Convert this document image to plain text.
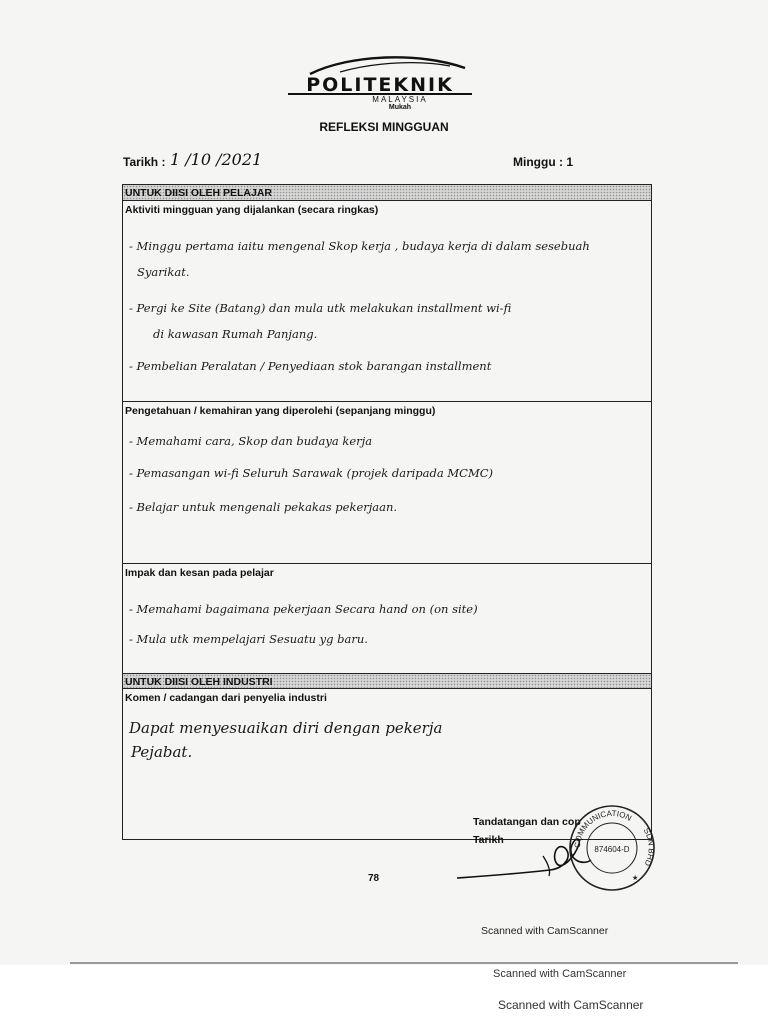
POLITEKNIK
MALAYSIA
Mukah
REFLEKSI MINGGUAN
Tarikh : 1 /10 /2021	Minggu : 1
UNTUK DIISI OLEH PELAJAR
Aktiviti mingguan yang dijalankan (secara ringkas)
- Minggu pertama iaitu mengenal Skop kerja , budaya kerja di dalam sesebuah
Syarikat.
- Pergi ke Site (Batang) dan mula utk melakukan installment wi-fi
di kawasan Rumah Panjang.
- Pembelian Peralatan / Penyediaan stok barangan installment
Pengetahuan / kemahiran yang diperolehi (sepanjang minggu)
- Memahami cara, Skop dan budaya kerja
- Pemasangan wi-fi Seluruh Sarawak (projek daripada MCMC)
- Belajar untuk mengenali pekakas pekerjaan.
Impak dan kesan pada pelajar
- Memahami bagaimana pekerjaan Secara hand on (on site)
- Mula utk mempelajari Sesuatu yg baru.
UNTUK DIISI OLEH INDUSTRI
Komen / cadangan dari penyelia industri
Dapat menyesuaikan diri dengan pekerja
Pejabat.
Tandatangan dan cop
Tarikh	COMMUNICATION
SDN BHD
874604-D
★
78
Scanned with CamScanner
Scanned with CamScanner
Scanned with CamScanner
